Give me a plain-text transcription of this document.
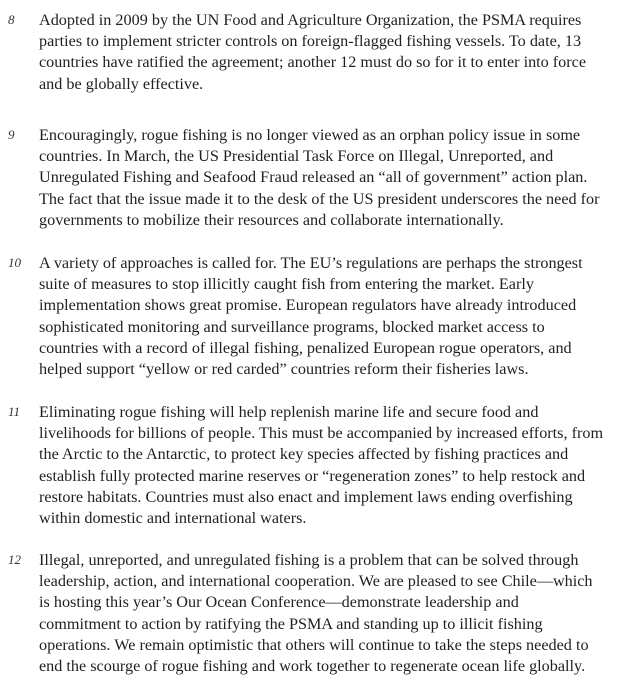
8	Adopted in 2009 by the UN Food and Agriculture Organization, the PSMA requires
parties to implement stricter controls on foreign-flagged fishing vessels. To date, 13
countries have ratified the agreement; another 12 must do so for it to enter into force
and be globally effective.

9	Encouragingly, rogue fishing is no longer viewed as an orphan policy issue in some
countries. In March, the US Presidential Task Force on Illegal, Unreported, and
Unregulated Fishing and Seafood Fraud released an “all of government” action plan.
The fact that the issue made it to the desk of the US president underscores the need for
governments to mobilize their resources and collaborate internationally.

10	A variety of approaches is called for. The EU’s regulations are perhaps the strongest
suite of measures to stop illicitly caught fish from entering the market. Early
implementation shows great promise. European regulators have already introduced
sophisticated monitoring and surveillance programs, blocked market access to
countries with a record of illegal fishing, penalized European rogue operators, and
helped support “yellow or red carded” countries reform their fisheries laws.

11	Eliminating rogue fishing will help replenish marine life and secure food and
livelihoods for billions of people. This must be accompanied by increased efforts, from
the Arctic to the Antarctic, to protect key species affected by fishing practices and
establish fully protected marine reserves or “regeneration zones” to help restock and
restore habitats. Countries must also enact and implement laws ending overfishing
within domestic and international waters.

12	Illegal, unreported, and unregulated fishing is a problem that can be solved through
leadership, action, and international cooperation. We are pleased to see Chile—which
is hosting this year’s Our Ocean Conference—demonstrate leadership and
commitment to action by ratifying the PSMA and standing up to illicit fishing
operations. We remain optimistic that others will continue to take the steps needed to
end the scourge of rogue fishing and work together to regenerate ocean life globally.
